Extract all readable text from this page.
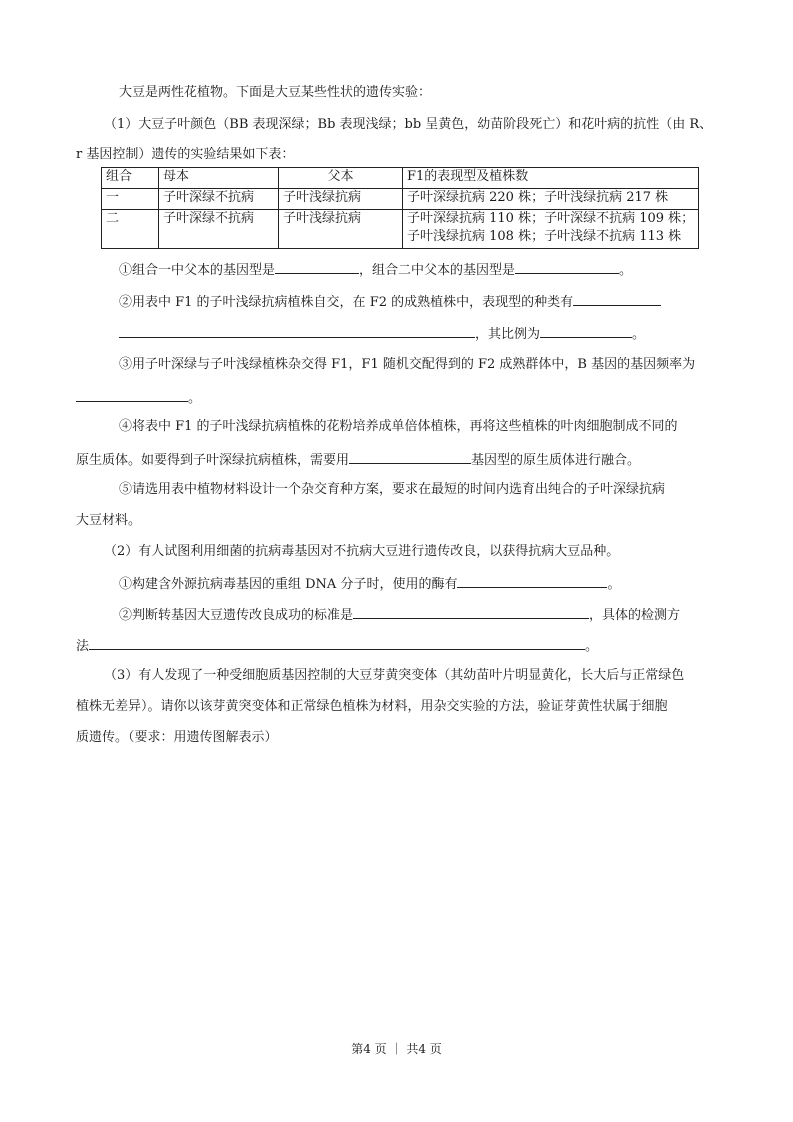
大豆是两性花植物。下面是大豆某些性状的遗传实验：
（1）大豆子叶颜色（BB 表现深绿；Bb 表现浅绿；bb 呈黄色，幼苗阶段死亡）和花叶病的抗性（由 R、
r 基因控制）遗传的实验结果如下表：
组合	母本	父本	F1的表现型及植株数
一	子叶深绿不抗病	子叶浅绿抗病	子叶深绿抗病 220 株；子叶浅绿抗病 217 株
二	子叶深绿不抗病	子叶浅绿抗病	子叶深绿抗病 110 株；子叶深绿不抗病 109 株；
子叶浅绿抗病 108 株；子叶浅绿不抗病 113 株
①组合一中父本的基因型是	，组合二中父本的基因型是	。
②用表中 F1 的子叶浅绿抗病植株自交，在 F2 的成熟植株中，表现型的种类有
，其比例为	。
③用子叶深绿与子叶浅绿植株杂交得 F1，F1 随机交配得到的 F2 成熟群体中，B 基因的基因频率为
。
④将表中 F1 的子叶浅绿抗病植株的花粉培养成单倍体植株，再将这些植株的叶肉细胞制成不同的
原生质体。如要得到子叶深绿抗病植株，需要用	基因型的原生质体进行融合。
⑤请选用表中植物材料设计一个杂交育种方案，要求在最短的时间内选育出纯合的子叶深绿抗病
大豆材料。
（2）有人试图利用细菌的抗病毒基因对不抗病大豆进行遗传改良，以获得抗病大豆品种。
①构建含外源抗病毒基因的重组 DNA 分子时，使用的酶有	。
②判断转基因大豆遗传改良成功的标准是	，具体的检测方
法	。
（3）有人发现了一种受细胞质基因控制的大豆芽黄突变体（其幼苗叶片明显黄化，长大后与正常绿色
植株无差异）。请你以该芽黄突变体和正常绿色植株为材料，用杂交实验的方法，验证芽黄性状属于细胞
质遗传。（要求：用遗传图解表示）
第4 页 ｜ 共4 页
